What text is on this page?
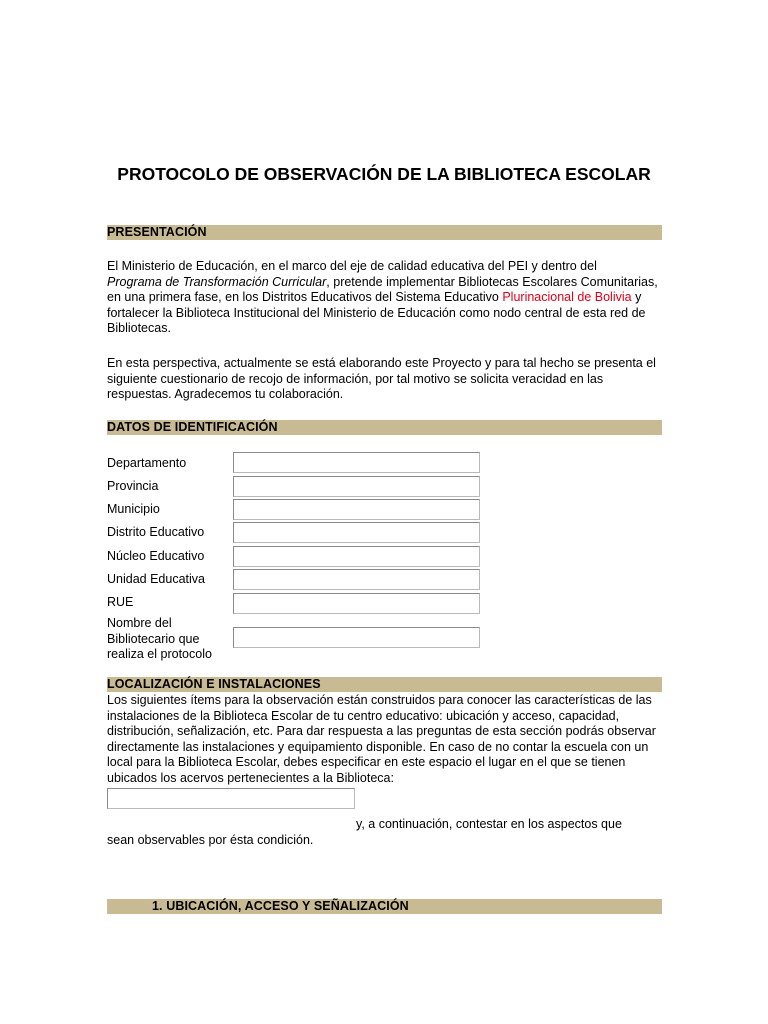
PROTOCOLO DE OBSERVACIÓN DE LA BIBLIOTECA ESCOLAR
PRESENTACIÓN
El Ministerio de Educación, en el marco del eje de calidad educativa del PEI y dentro del
Programa de Transformación Curricular, pretende implementar Bibliotecas Escolares Comunitarias, en una primera fase, en los Distritos Educativos del Sistema Educativo Plurinacional de Bolivia y fortalecer la Biblioteca Institucional del Ministerio de Educación como nodo central de esta red de Bibliotecas.
En esta perspectiva, actualmente se está elaborando este Proyecto y para tal hecho se presenta el siguiente cuestionario de recojo de información, por tal motivo se solicita veracidad en las respuestas. Agradecemos tu colaboración.
DATOS DE IDENTIFICACIÓN
Departamento
Provincia
Municipio
Distrito Educativo
Núcleo Educativo
Unidad Educativa
RUE
Nombre del Bibliotecario que realiza el protocolo
LOCALIZACIÓN E INSTALACIONES
Los siguientes ítems para la observación están construidos para conocer las características de las instalaciones de la Biblioteca Escolar de tu centro educativo: ubicación y acceso, capacidad, distribución, señalización, etc. Para dar respuesta a las preguntas de esta sección podrás observar directamente las instalaciones y equipamiento disponible. En caso de no contar la escuela con un local para la Biblioteca Escolar, debes especificar en este espacio el lugar en el que se tienen ubicados los acervos pertenecientes a la Biblioteca:
y, a continuación, contestar en los aspectos que
sean observables por ésta condición.
1. UBICACIÓN, ACCESO Y SEÑALIZACIÓN
